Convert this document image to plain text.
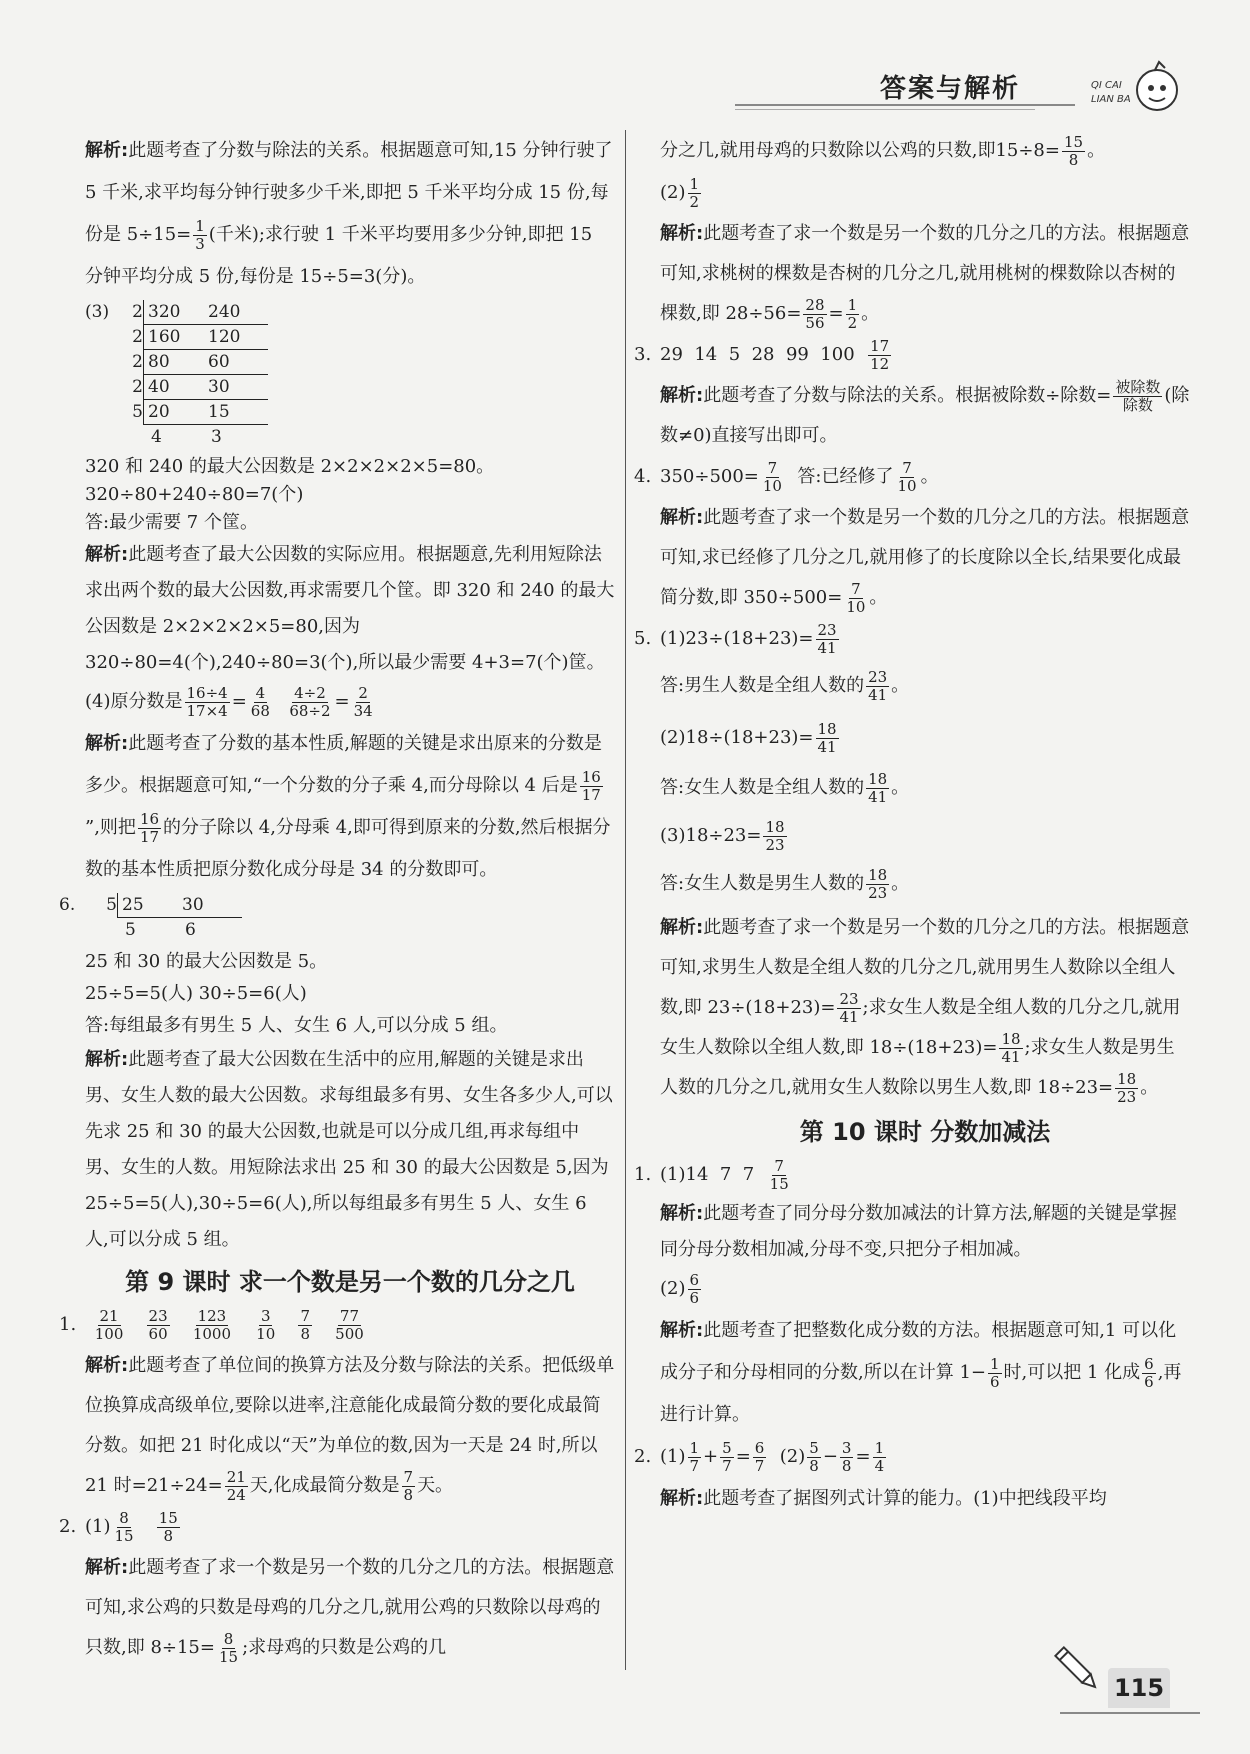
答案与解析	QI CAI
LIAN BA

解析:此题考查了分数与除法的关系。根据题意可知,15 分钟行驶了 5 千米,求平均每分钟行驶多少千米,即把 5 千米平均分成 15 份,每份是 $5\div 15= \frac{1}{3}$ (千米);求行驶 1 千米平均要用多少分钟,即把 15 分钟平均分成 5 份,每份是 15÷5=3(分)。

(3)	2 320	240
2 160	120
2 80	60
2 40	30
5 20	15
4	3

320 和 240 的最大公因数是 2×2×2×2×5=80。

320÷80+240÷80=7(个)

答:最少需要 7 个筐。

解析:此题考查了最大公因数的实际应用。根据题意,先利用短除法求出两个数的最大公因数,再求需要几个筐。即 320 和 240 的最大公因数是 2×2×2×2×5=80,因为 320÷80=4(个),240÷80=3(个),所以最少需要 4+3=7(个)筐。

(4)原分数是 $\frac{16\div 4}{17\times 4} = \frac{4}{68}$
$\frac{4\div 2}{68\div 2} = \frac{2}{34}$

解析:此题考查了分数的基本性质,解题的关键是求出原来的分数是多少。根据题意可知,“一个分数的分子乘 4,而分母除以 4 后是 $\frac{16}{17}$
”,则把 $\frac{16}{17}$ 的分子除以 4,分母乘 4,即可得到原来的分数,然后根据分数的基本性质把原分数化成分母是 34 的分数即可。

6.	5 25	30
5	6

25 和 30 的最大公因数是 5。

25÷5=5(人) 30÷5=6(人)

答:每组最多有男生 5 人、女生 6 人,可以分成 5 组。

解析:此题考查了最大公因数在生活中的应用,解题的关键是求出男、女生人数的最大公因数。求每组最多有男、女生各多少人,可以先求 25 和 30 的最大公因数,也就是可以分成几组,再求每组中男、女生的人数。用短除法求出 25 和 30 的最大公因数是 5,因为 25÷5=5(人),30÷5=6(人),所以每组最多有男生 5 人、女生 6 人,可以分成 5 组。

第 9 课时 求一个数是另一个数的几分之几

1. $\frac{21}{100}$
$\frac{23}{60}$
$\frac{123}{1000}$
$\frac{3}{10}$
$\frac{7}{8}$
$\frac{77}{500}$

解析:此题考查了单位间的换算方法及分数与除法的关系。把低级单位换算成高级单位,要除以进率,注意能化成最简分数的要化成最简分数。如把 21 时化成以“天”为单位的数,因为一天是 24 时,所以 21 时$=21\div 24= \frac{21}{24}$ 天,化成最简分数是 $\frac{7}{8}$ 天。

2. $(1) \frac{8}{15}$
$\frac{15}{8}$

解析:此题考查了求一个数是另一个数的几分之几的方法。根据题意可知,求公鸡的只数是母鸡的几分之几,就用公鸡的只数除以母鸡的只数,即 $8\div 15= \frac{8}{15}$ ;求母鸡的只数是公鸡的几

分之几,就用母鸡的只数除以公鸡的只数,即$15\div 8= \frac{15}{8}$ 。

$(2) \frac{1}{2}$

解析:此题考查了求一个数是另一个数的几分之几的方法。根据题意可知,求桃树的棵数是杏树的几分之几,就用桃树的棵数除以杏树的棵数,即 $28\div 56= \frac{28}{56} = \frac{1}{2}$ 。

3. 29  14  5  28  99  $100 \frac{17}{12}$

解析:此题考查了分数与除法的关系。根据被除数÷除数= $\frac{\text{被除数}}{\text{除数}}$ (除数≠0)直接写出即可。

4. $350\div 500= \frac{7}{10}$ 答:已经修了 $\frac{7}{10}$ 。

解析:此题考查了求一个数是另一个数的几分之几的方法。根据题意可知,求已经修了几分之几,就用修了的长度除以全长,结果要化成最简分数,即 $350\div 500= \frac{7}{10}$ 。

5. $(1)23\div(18+23)= \frac{23}{41}$

答:男生人数是全组人数的 $\frac{23}{41}$ 。

$(2)18\div(18+23)= \frac{18}{41}$

答:女生人数是全组人数的 $\frac{18}{41}$ 。

$(3)18\div 23= \frac{18}{23}$

答:女生人数是男生人数的 $\frac{18}{23}$ 。

解析:此题考查了求一个数是另一个数的几分之几的方法。根据题意可知,求男生人数是全组人数的几分之几,就用男生人数除以全组人数,即 $23\div(18+23)= \frac{23}{41}$ ;求女生人数是全组人数的几分之几,就用女生人数除以全组人数,即 $18\div(18+23)= \frac{18}{41}$ ;求女生人数是男生人数的几分之几,就用女生人数除以男生人数,即 $18\div 23= \frac{18}{23}$ 。

第 10 课时 分数加减法

1. (1)14  7  $7 \frac{7}{15}$

解析:此题考查了同分母分数加减法的计算方法,解题的关键是掌握同分母分数相加减,分母不变,只把分子相加减。

$(2) \frac{6}{6}$

解析:此题考查了把整数化成分数的方法。根据题意可知,1 可以化成分子和分母相同的分数,所以在计算 $1- \frac{1}{6}$ 时,可以把 1 化成 $\frac{6}{6}$ ,再进行计算。

2. $(1) \frac{1}{7} + \frac{5}{7} = \frac{6}{7} (2) \frac{5}{8} - \frac{3}{8} = \frac{1}{4}$

解析:此题考查了据图列式计算的能力。(1)中把线段平均

115
